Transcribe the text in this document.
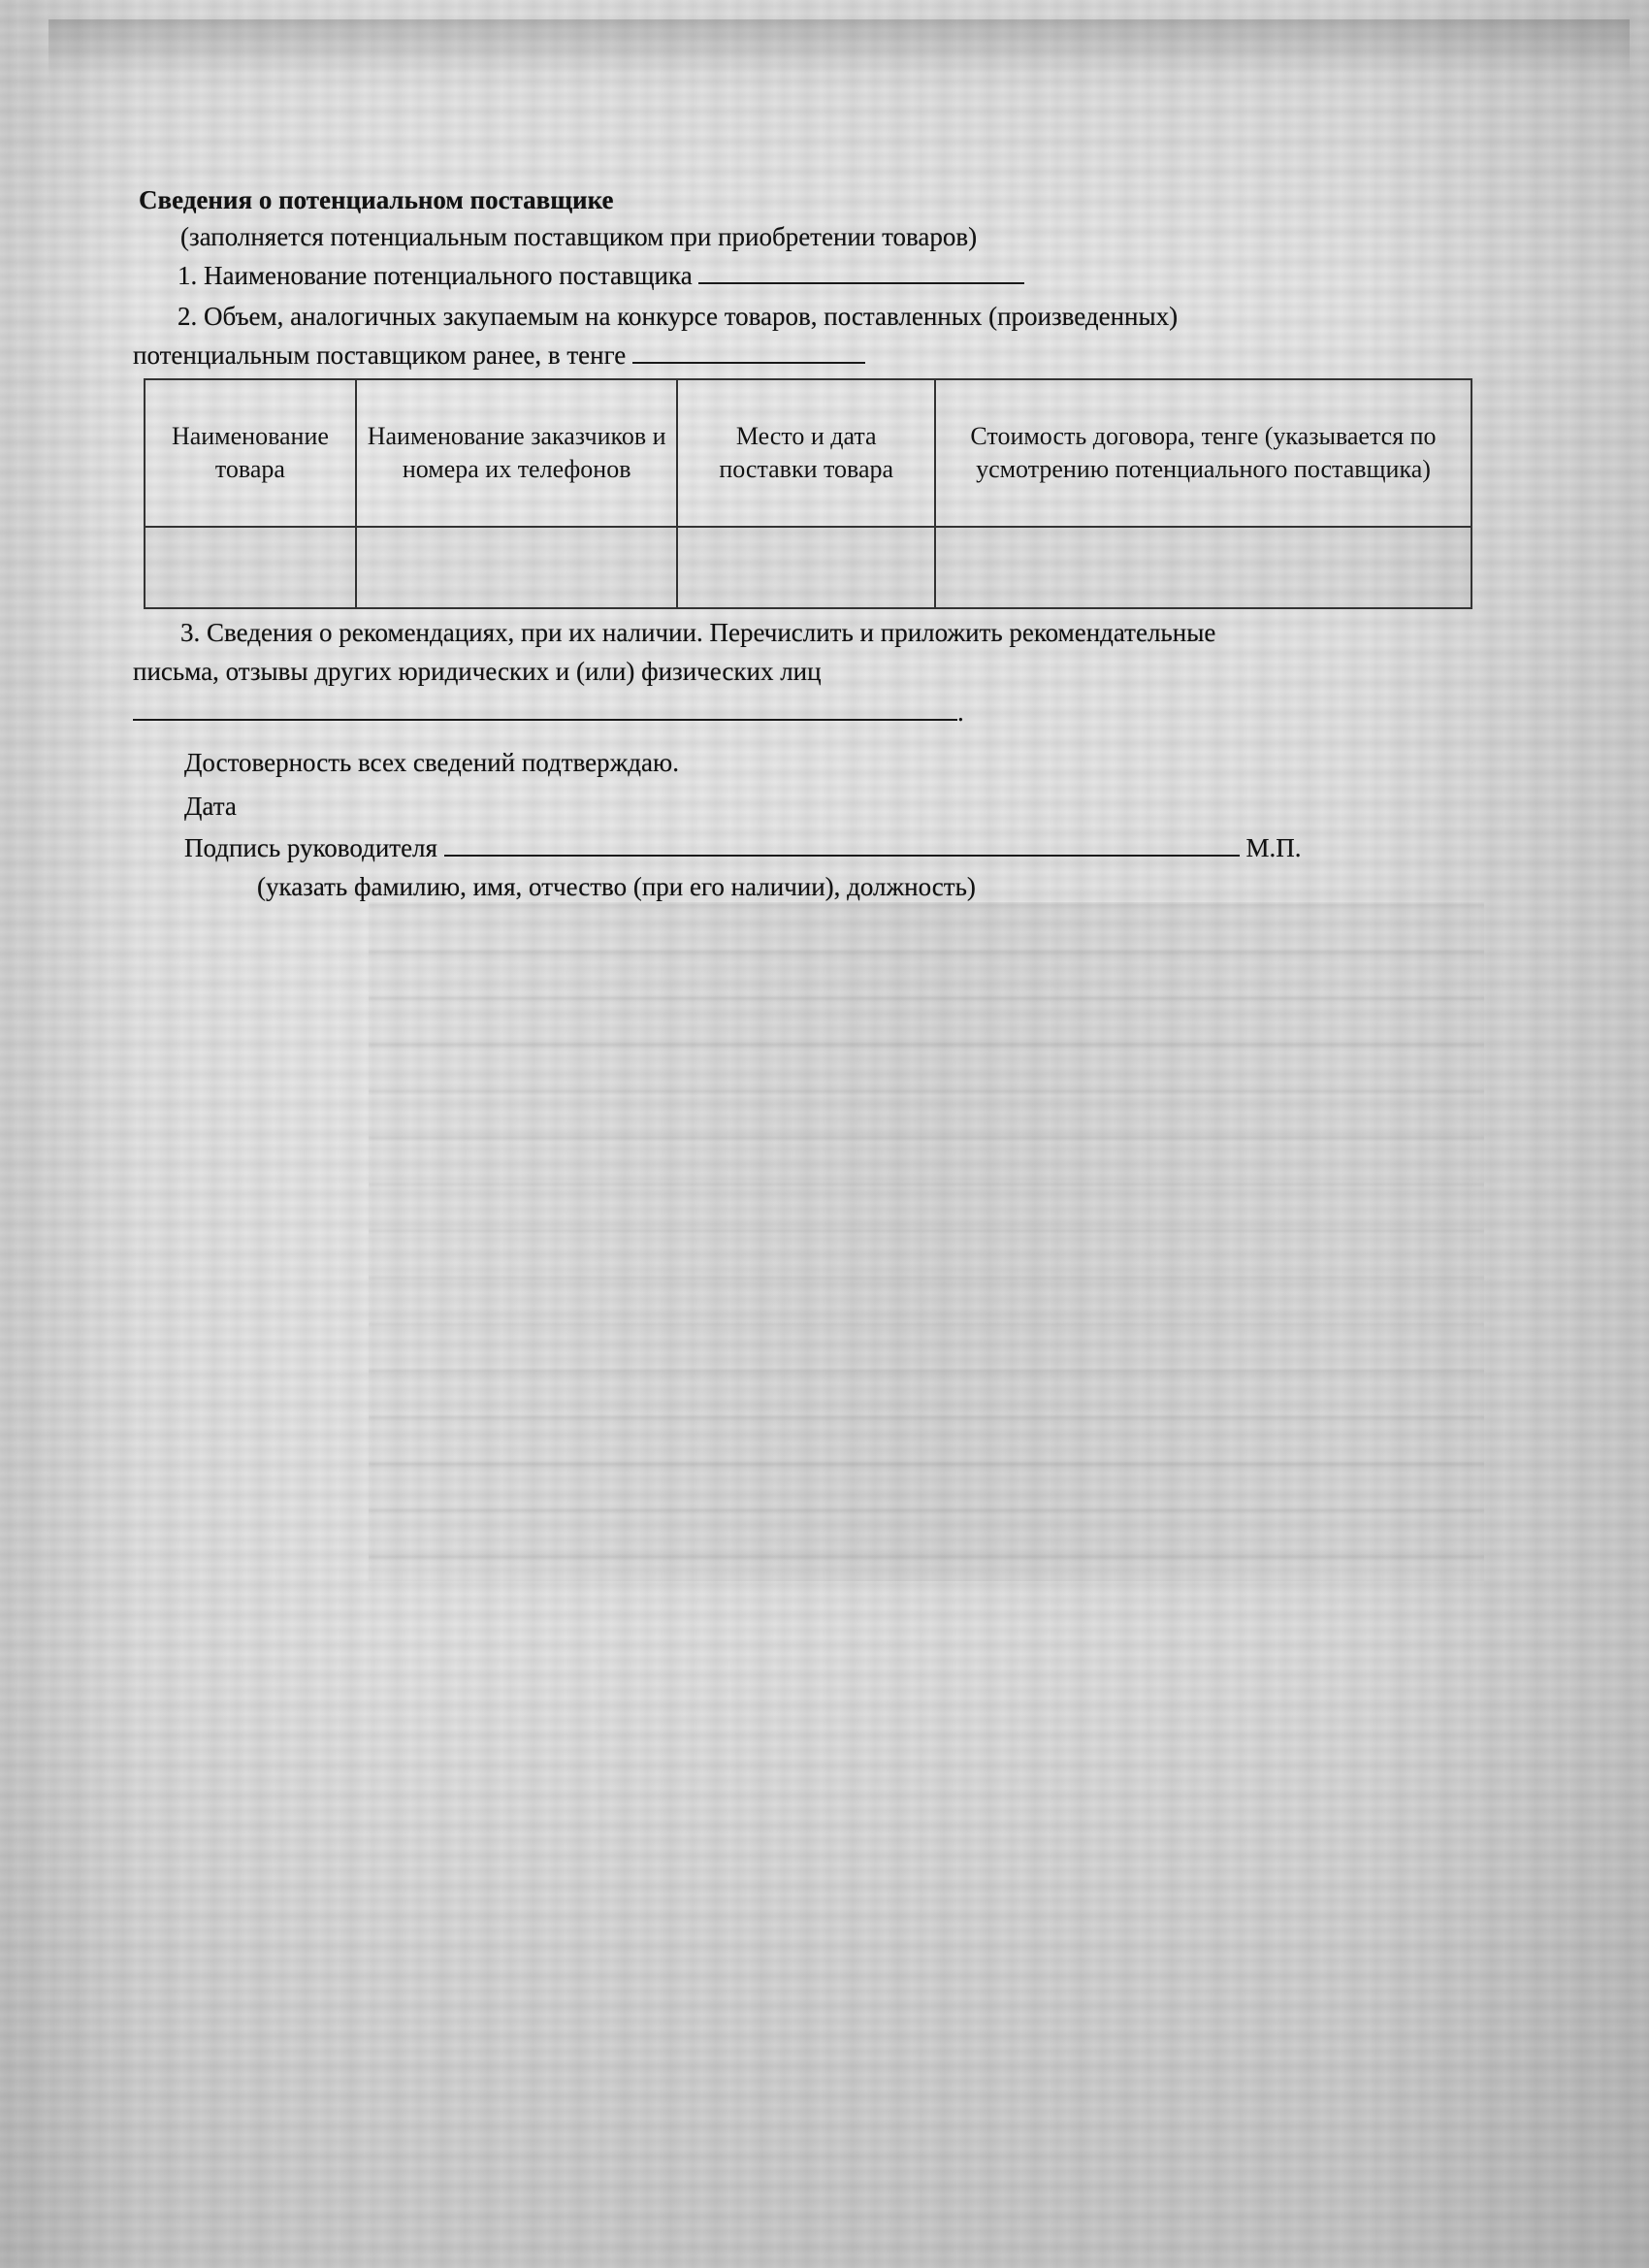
Сведения о потенциальном поставщике
(заполняется потенциальным поставщиком при приобретении товаров)
1. Наименование потенциального поставщика
2. Объем, аналогичных закупаемым на конкурсе товаров, поставленных (произведенных)
потенциальным поставщиком ранее, в тенге
Наименование товара	Наименование заказчиков и номера их телефонов	Место и дата поставки товара	Стоимость договора, тенге (указывается по усмотрению потенциального поставщика)

3. Сведения о рекомендациях, при их наличии. Перечислить и приложить рекомендательные
письма, отзывы других юридических и (или) физических лиц
.
Достоверность всех сведений подтверждаю.
Дата
Подпись руководителя	М.П.
(указать фамилию, имя, отчество (при его наличии), должность)
